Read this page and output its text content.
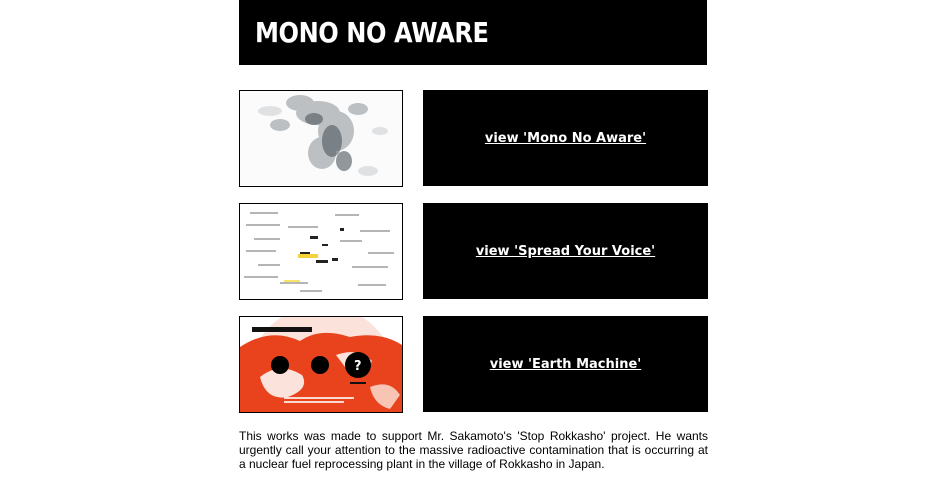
MONO NO AWARE
view 'Mono No Aware'
view 'Spread Your Voice'
?	view 'Earth Machine'

This works was made to support Mr. Sakamoto's 'Stop Rokkasho' project. He wants urgently call your attention to the massive radioactive contamination that is occurring at a nuclear fuel reprocessing plant in the village of Rokkasho in Japan.
